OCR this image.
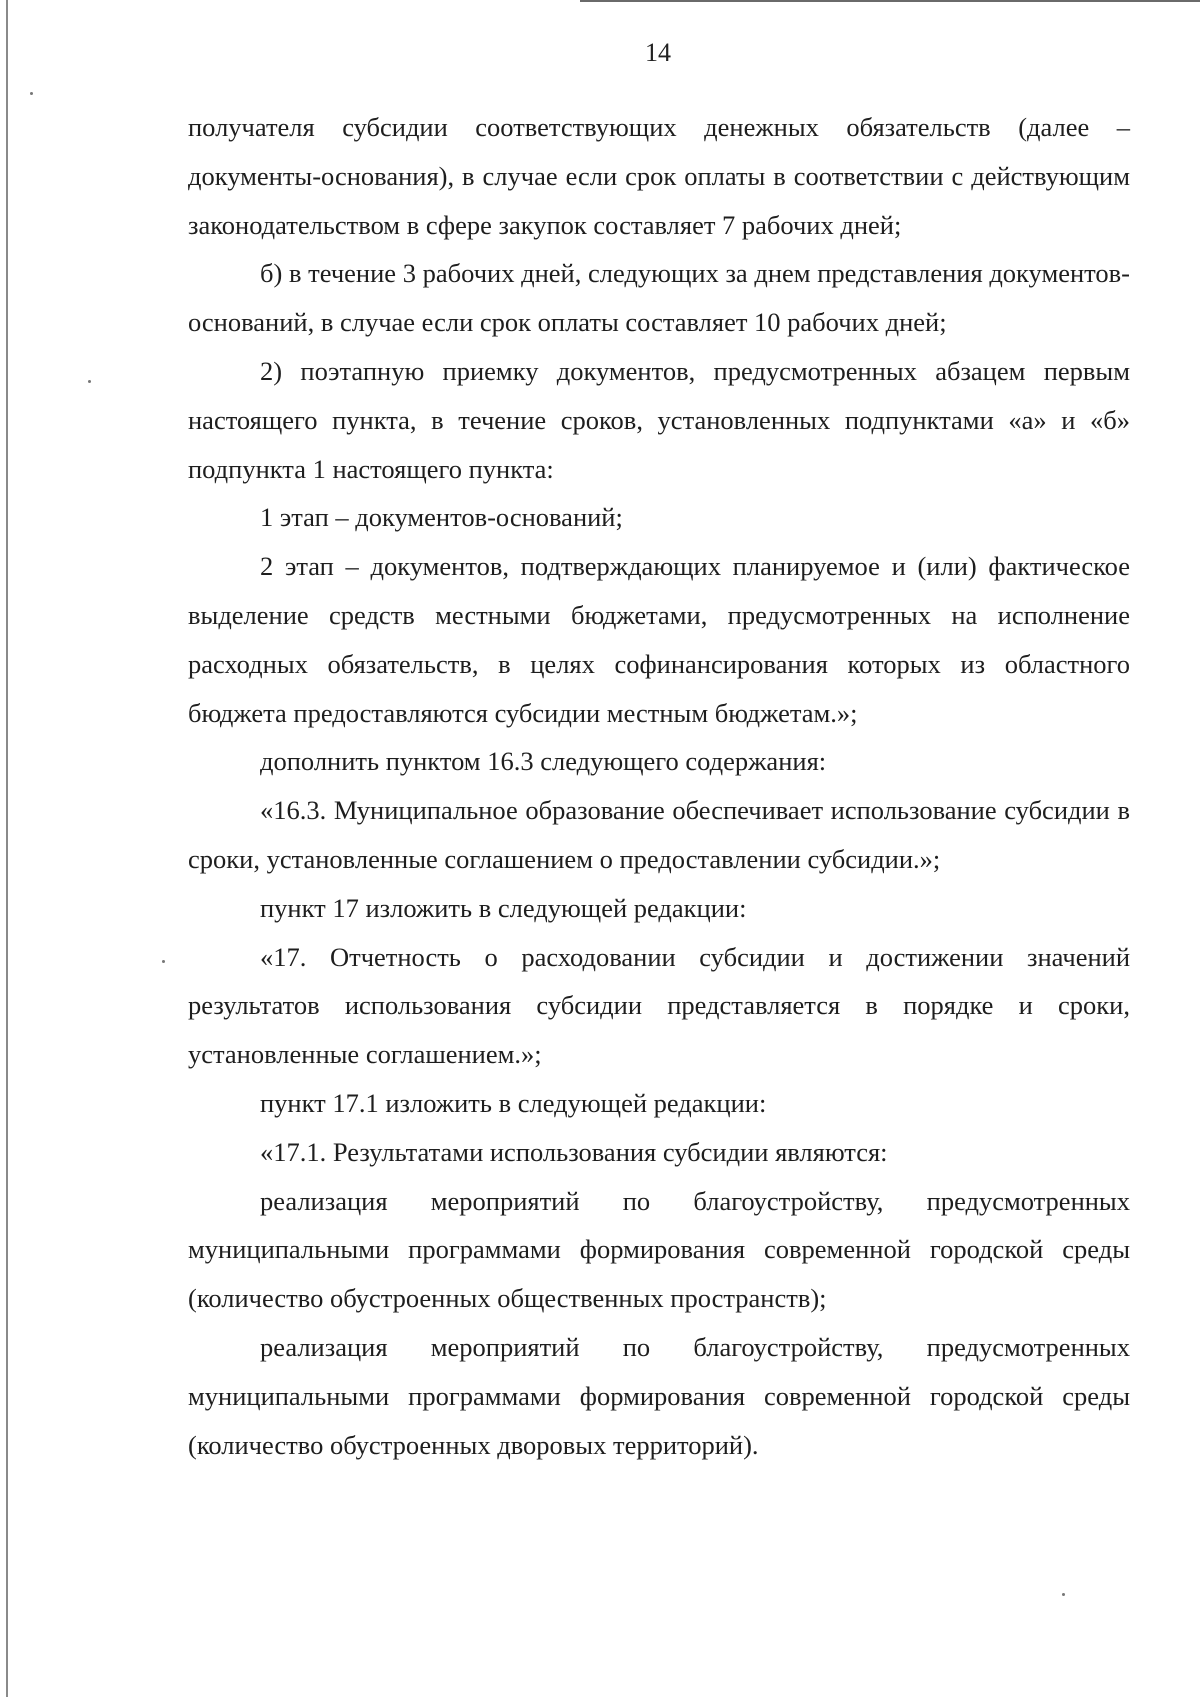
14

получателя субсидии соответствующих денежных обязательств (далее – документы-основания), в случае если срок оплаты в соответствии с действующим законодательством в сфере закупок составляет 7 рабочих дней;

б) в течение 3 рабочих дней, следующих за днем представления документов-оснований, в случае если срок оплаты составляет 10 рабочих дней;

2) поэтапную приемку документов, предусмотренных абзацем первым настоящего пункта, в течение сроков, установленных подпунктами «а» и «б» подпункта 1 настоящего пункта:

1 этап – документов-оснований;

2 этап – документов, подтверждающих планируемое и (или) фактическое выделение средств местными бюджетами, предусмотренных на исполнение расходных обязательств, в целях софинансирования которых из областного бюджета предоставляются субсидии местным бюджетам.»;

дополнить пунктом 16.3 следующего содержания:

«16.3. Муниципальное образование обеспечивает использование субсидии в сроки, установленные соглашением о предоставлении субсидии.»;

пункт 17 изложить в следующей редакции:

«17. Отчетность о расходовании субсидии и достижении значений результатов использования субсидии представляется в порядке и сроки, установленные соглашением.»;

пункт 17.1 изложить в следующей редакции:

«17.1. Результатами использования субсидии являются:

реализация мероприятий по благоустройству, предусмотренных муниципальными программами формирования современной городской среды (количество обустроенных общественных пространств);

реализация мероприятий по благоустройству, предусмотренных муниципальными программами формирования современной городской среды (количество обустроенных дворовых территорий).
